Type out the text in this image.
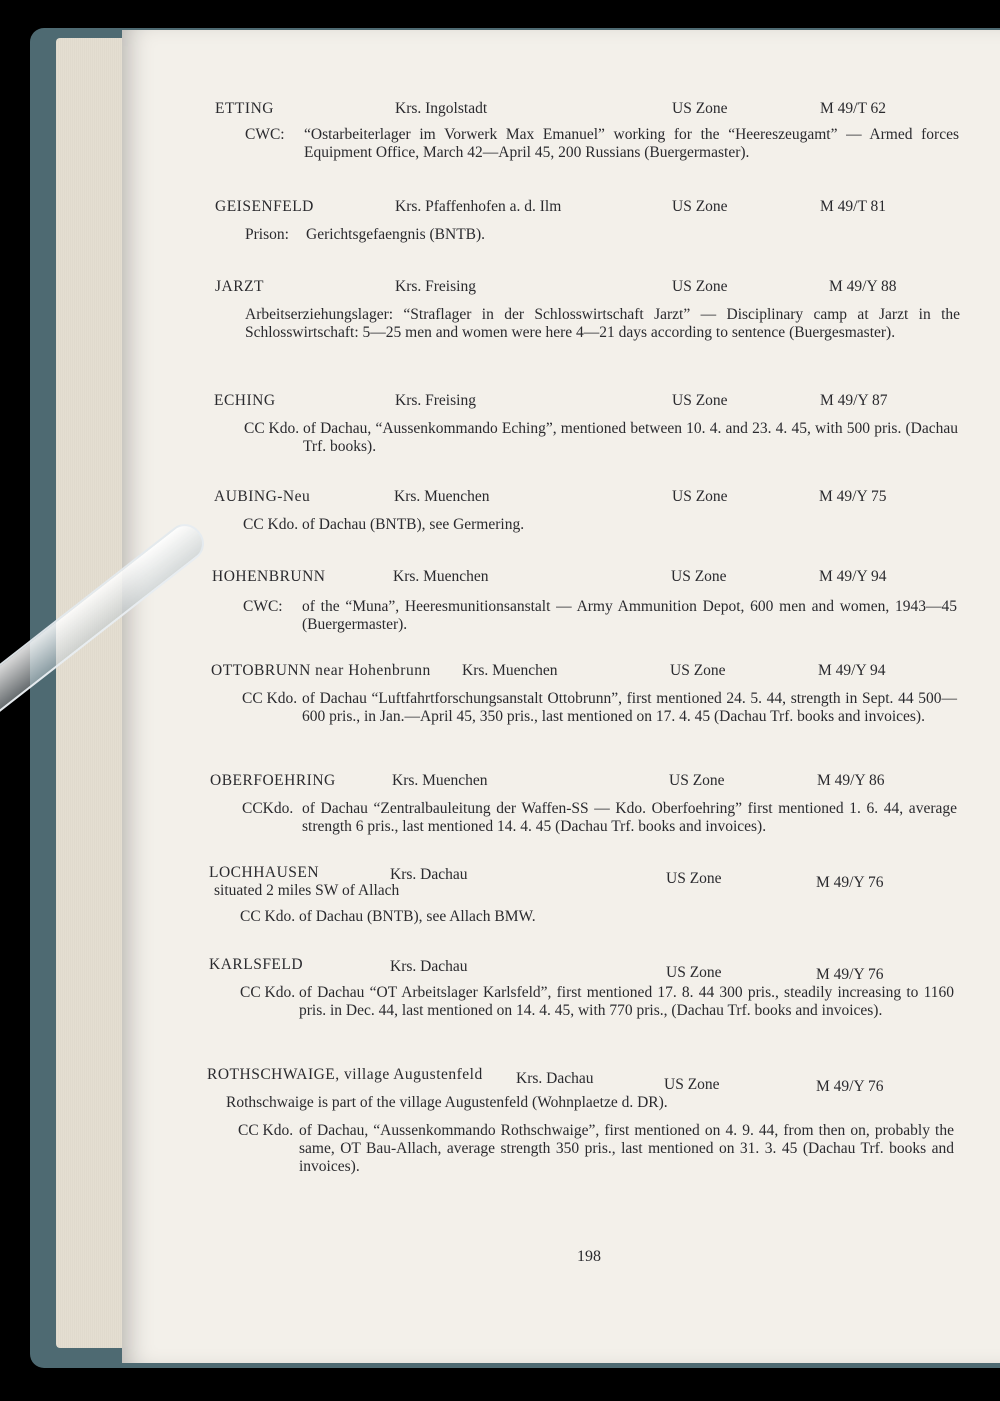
ETTING	Krs. Ingolstadt	US Zone	M 49/T 62
CWC: “Ostarbeiterlager im Vorwerk Max Emanuel” working for the “Heereszeugamt” — Armed forces Equipment Office, March 42—April 45, 200 Russians (Buergermaster).
GEISENFELD	Krs. Pfaffenhofen a. d. Ilm	US Zone	M 49/T 81
Prison: Gerichtsgefaengnis (BNTB).
JARZT	Krs. Freising	US Zone	M 49/Y 88
Arbeitserziehungslager: “Straflager in der Schlosswirtschaft Jarzt” — Disciplinary camp at Jarzt in the Schlosswirtschaft: 5—25 men and women were here 4—21 days according to sentence (Buergesmaster).
ECHING	Krs. Freising	US Zone	M 49/Y 87
CC Kdo. of Dachau, “Aussenkommando Eching”, mentioned between 10. 4. and 23. 4. 45, with 500 pris. (Dachau Trf. books).
AUBING-Neu	Krs. Muenchen	US Zone	M 49/Y 75
CC Kdo. of Dachau (BNTB), see Germering.
HOHENBRUNN	Krs. Muenchen	US Zone	M 49/Y 94
CWC: of the “Muna”, Heeresmunitionsanstalt — Army Ammunition Depot, 600 men and women, 1943—45 (Buergermaster).
OTTOBRUNN near Hohenbrunn Krs. Muenchen	US Zone	M 49/Y 94
CC Kdo. of Dachau “Luftfahrtforschungsanstalt Ottobrunn”, first mentioned 24. 5. 44, strength in Sept. 44 500—600 pris., in Jan.—April 45, 350 pris., last mentioned on 17. 4. 45 (Dachau Trf. books and invoices).
OBERFOEHRING	Krs. Muenchen	US Zone	M 49/Y 86
CCKdo. of Dachau “Zentralbauleitung der Waffen-SS — Kdo. Oberfoehring” first mentioned 1. 6. 44, average strength 6 pris., last mentioned 14. 4. 45 (Dachau Trf. books and invoices).
LOCHHAUSEN	Krs. Dachau	US Zone	M 49/Y 76
situated 2 miles SW of Allach
CC Kdo. of Dachau (BNTB), see Allach BMW.
KARLSFELD	Krs. Dachau	US Zone	M 49/Y 76
CC Kdo. of Dachau “OT Arbeitslager Karlsfeld”, first mentioned 17. 8. 44 300 pris., steadily increasing to 1160 pris. in Dec. 44, last mentioned on 14. 4. 45, with 770 pris., (Dachau Trf. books and invoices).
ROTHSCHWAIGE, village Augustenfeld Krs. Dachau	US Zone	M 49/Y 76
Rothschwaige is part of the village Augustenfeld (Wohnplaetze d. DR).
CC Kdo. of Dachau, “Aussenkommando Rothschwaige”, first mentioned on 4. 9. 44, from then on, probably the same, OT Bau-Allach, average strength 350 pris., last mentioned on 31. 3. 45 (Dachau Trf. books and invoices).
198
